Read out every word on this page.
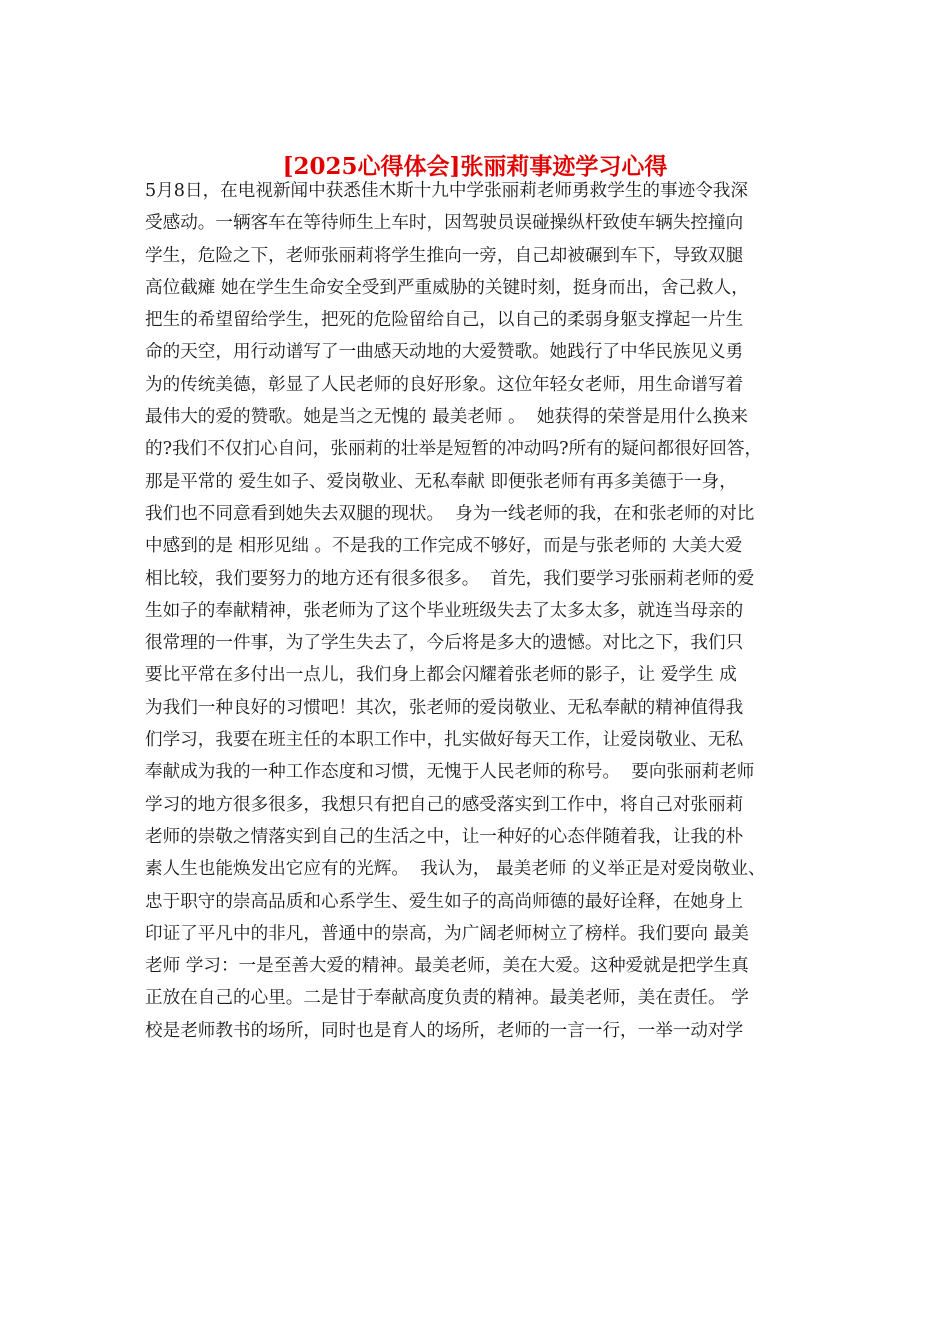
[2025心得体会]张丽莉事迹学习心得
5月8日，在电视新闻中获悉佳木斯十九中学张丽莉老师勇救学生的事迹令我深
受感动。一辆客车在等待师生上车时，因驾驶员误碰操纵杆致使车辆失控撞向
学生，危险之下，老师张丽莉将学生推向一旁，自己却被碾到车下，导致双腿
高位截瘫 她在学生生命安全受到严重威胁的关键时刻，挺身而出，舍己救人，
把生的希望留给学生，把死的危险留给自己，以自己的柔弱身躯支撑起一片生
命的天空，用行动谱写了一曲感天动地的大爱赞歌。她践行了中华民族见义勇
为的传统美德，彰显了人民老师的良好形象。这位年轻女老师，用生命谱写着
最伟大的爱的赞歌。她是当之无愧的 最美老师 。  她获得的荣誉是用什么换来
的?我们不仅扪心自问，张丽莉的壮举是短暂的冲动吗?所有的疑问都很好回答，
那是平常的 爱生如子、爱岗敬业、无私奉献 即便张老师有再多美德于一身，
我们也不同意看到她失去双腿的现状。  身为一线老师的我，在和张老师的对比
中感到的是 相形见绌 。不是我的工作完成不够好，而是与张老师的 大美大爱
相比较，我们要努力的地方还有很多很多。  首先，我们要学习张丽莉老师的爱
生如子的奉献精神，张老师为了这个毕业班级失去了太多太多，就连当母亲的
很常理的一件事，为了学生失去了，今后将是多大的遗憾。对比之下，我们只
要比平常在多付出一点儿，我们身上都会闪耀着张老师的影子，让 爱学生 成
为我们一种良好的习惯吧！其次，张老师的爱岗敬业、无私奉献的精神值得我
们学习，我要在班主任的本职工作中，扎实做好每天工作，让爱岗敬业、无私
奉献成为我的一种工作态度和习惯，无愧于人民老师的称号。  要向张丽莉老师
学习的地方很多很多，我想只有把自己的感受落实到工作中，将自己对张丽莉
老师的崇敬之情落实到自己的生活之中，让一种好的心态伴随着我，让我的朴
素人生也能焕发出它应有的光辉。  我认为， 最美老师 的义举正是对爱岗敬业、
忠于职守的崇高品质和心系学生、爱生如子的高尚师德的最好诠释，在她身上
印证了平凡中的非凡，普通中的崇高，为广阔老师树立了榜样。我们要向 最美
老师 学习：一是至善大爱的精神。最美老师，美在大爱。这种爱就是把学生真
正放在自己的心里。二是甘于奉献高度负责的精神。最美老师，美在责任。 学
校是老师教书的场所，同时也是育人的场所，老师的一言一行，一举一动对学
